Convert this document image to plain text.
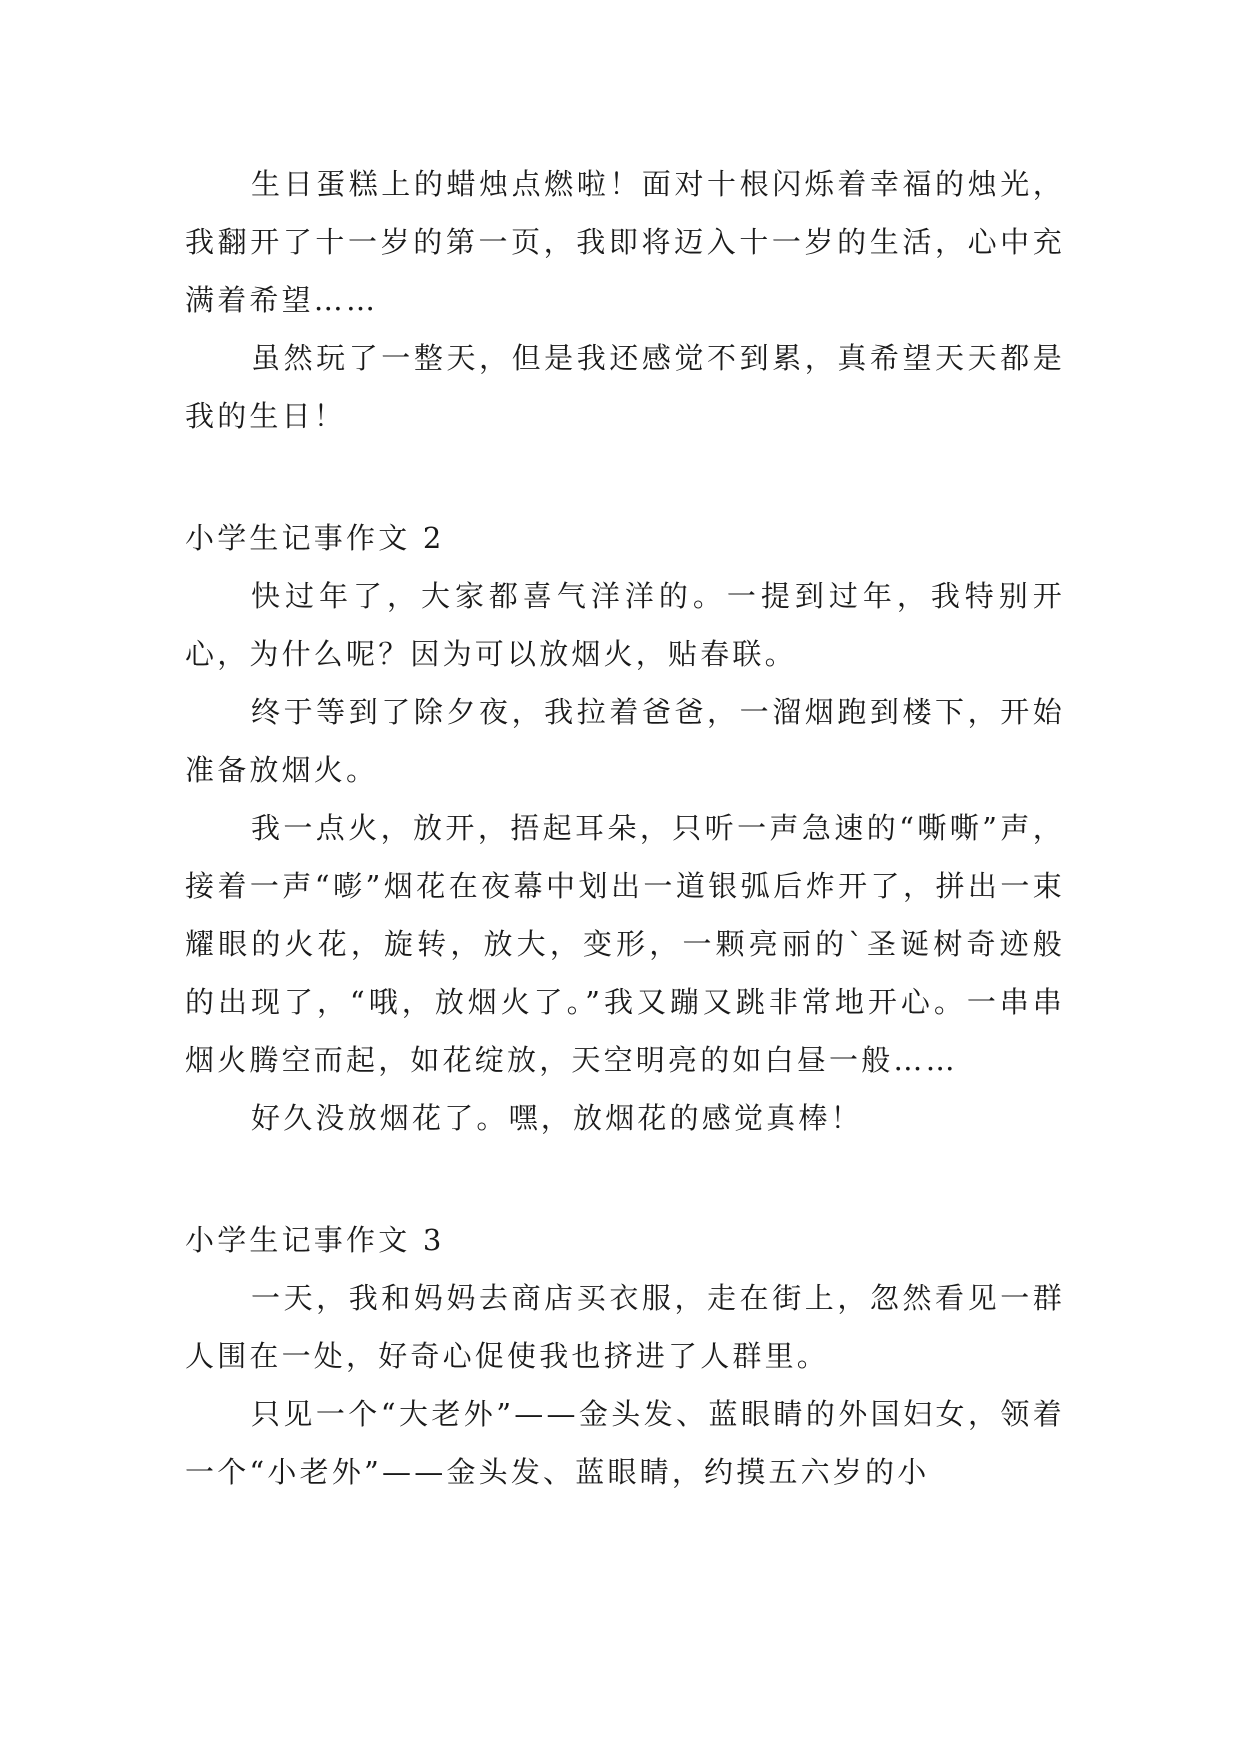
生日蛋糕上的蜡烛点燃啦！面对十根闪烁着幸福的烛光，我翻开了十一岁的第一页，我即将迈入十一岁的生活，心中充满着希望……

虽然玩了一整天，但是我还感觉不到累，真希望天天都是我的生日！

小学生记事作文 2

快过年了，大家都喜气洋洋的。一提到过年，我特别开心，为什么呢？因为可以放烟火，贴春联。

终于等到了除夕夜，我拉着爸爸，一溜烟跑到楼下，开始准备放烟火。

我一点火，放开，捂起耳朵，只听一声急速的“嘶嘶”声，接着一声“嘭”烟花在夜幕中划出一道银弧后炸开了，拼出一束耀眼的火花，旋转，放大，变形，一颗亮丽的`圣诞树奇迹般的出现了，“哦，放烟火了。”我又蹦又跳非常地开心。一串串烟火腾空而起，如花绽放，天空明亮的如白昼一般……

好久没放烟花了。嘿，放烟花的感觉真棒！

小学生记事作文 3

一天，我和妈妈去商店买衣服，走在街上，忽然看见一群人围在一处，好奇心促使我也挤进了人群里。

只见一个“大老外”——金头发、蓝眼睛的外国妇女，领着一个“小老外”——金头发、蓝眼睛，约摸五六岁的小
